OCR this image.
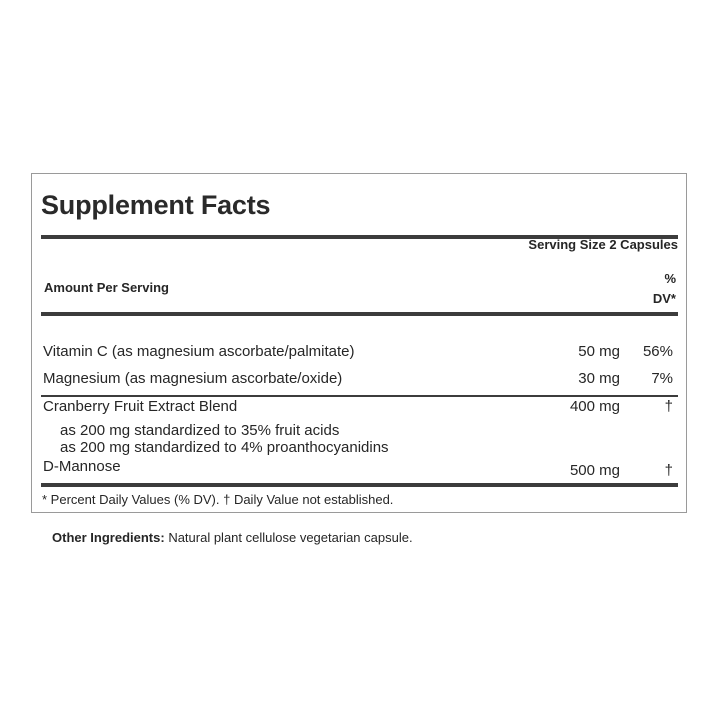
Supplement Facts
Serving Size 2 Capsules
Amount Per Serving
%
DV*
Vitamin C (as magnesium ascorbate/palmitate)	50 mg 56%
Magnesium (as magnesium ascorbate/oxide)	30 mg 7%
Cranberry Fruit Extract Blend	400 mg	†
as 200 mg standardized to 35% fruit acids
as 200 mg standardized to 4% proanthocyanidins
D-Mannose	500 mg	†
* Percent Daily Values (% DV). † Daily Value not established.
Other Ingredients: Natural plant cellulose vegetarian capsule.
